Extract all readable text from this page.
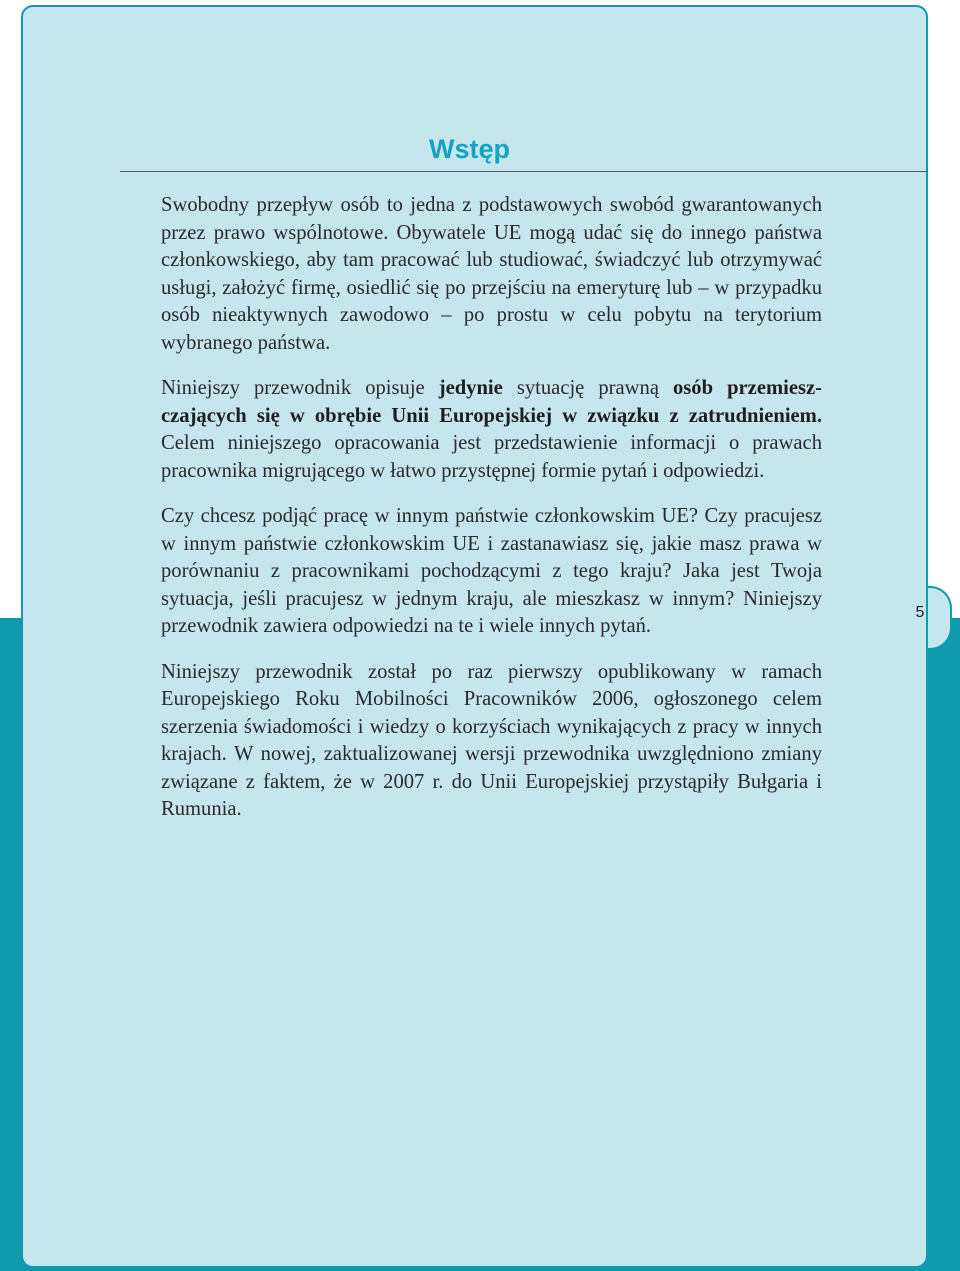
5
Wstęp

Swobodny przepływ osób to jedna z podstawowych swobód gwarantowanych przez prawo wspólnotowe. Obywatele UE mogą udać się do innego państwa członkowskiego, aby tam pracować lub studiować, świadczyć lub otrzymywać usługi, założyć firmę, osiedlić się po przejściu na emeryturę lub – w przypadku osób nieaktywnych zawodowo – po prostu w celu pobytu na terytorium wybranego państwa.

Niniejszy przewodnik opisuje jedynie sytuację prawną osób przemieszczających się w obrębie Unii Europejskiej w związku z zatrudnieniem. Celem niniejszego opracowania jest przedstawienie informacji o prawach pracownika migrującego w łatwo przystępnej formie pytań i odpowiedzi.

Czy chcesz podjąć pracę w innym państwie członkowskim UE? Czy pracujesz w innym państwie członkowskim UE i zastanawiasz się, jakie masz prawa w porównaniu z pracownikami pochodzącymi z tego kraju? Jaka jest Twoja sytuacja, jeśli pracujesz w jednym kraju, ale mieszkasz w innym? Niniejszy przewodnik zawiera odpowiedzi na te i wiele innych pytań.

Niniejszy przewodnik został po raz pierwszy opublikowany w ramach Europejskiego Roku Mobilności Pracowników 2006, ogłoszonego celem szerzenia świadomości i wiedzy o korzyściach wynikających z pracy w innych krajach. W nowej, zaktualizowanej wersji przewodnika uwzględniono zmiany związane z faktem, że w 2007 r. do Unii Europejskiej przystąpiły Bułgaria i Rumunia.
